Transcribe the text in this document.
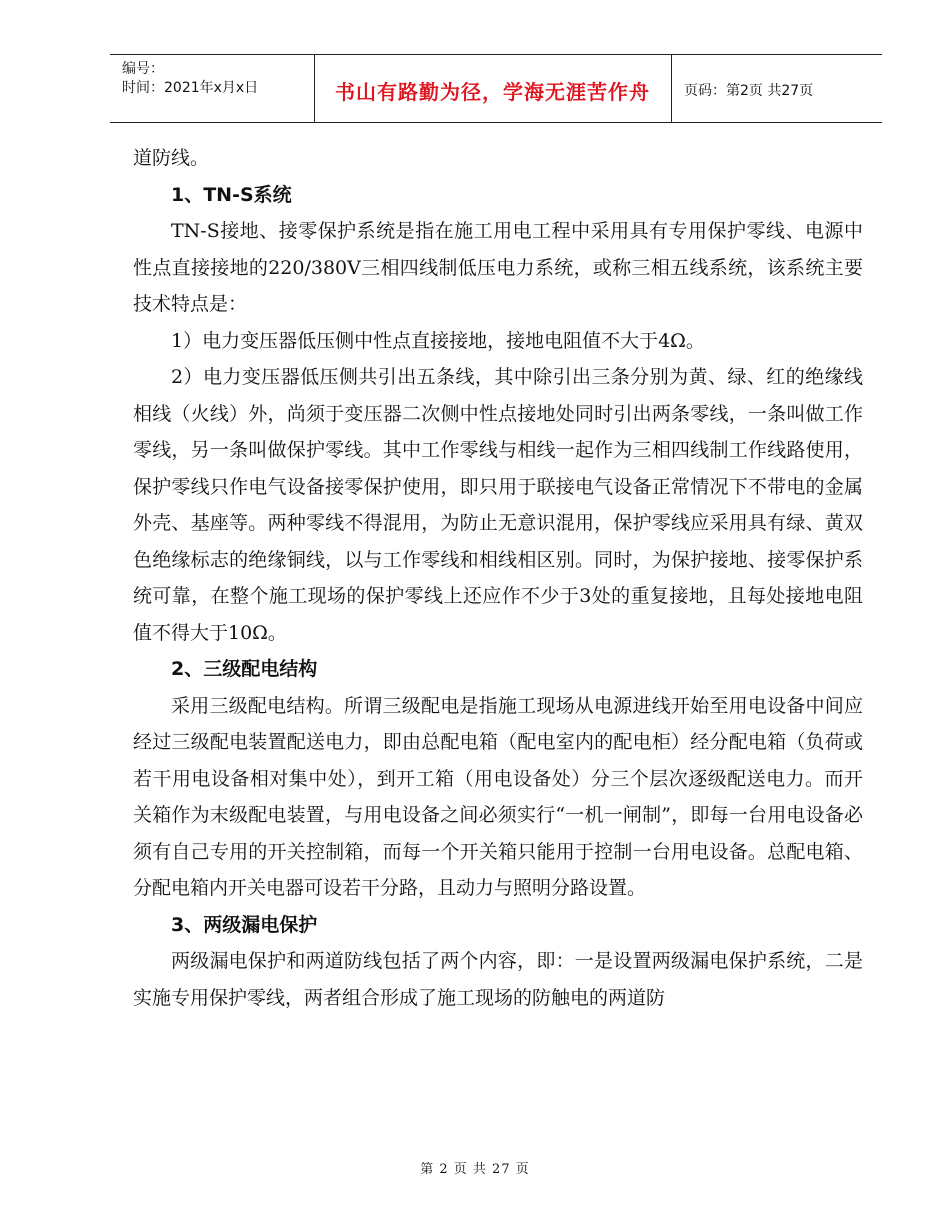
编号：
时间：2021年x月x日	书山有路勤为径，学海无涯苦作舟	页码：第2页 共27页

道防线。

1、TN-S系统

TN-S接地、接零保护系统是指在施工用电工程中采用具有专用保护零线、电源中性点直接接地的220/380V三相四线制低压电力系统，或称三相五线系统，该系统主要技术特点是：

1）电力变压器低压侧中性点直接接地，接地电阻值不大于4Ω。

2）电力变压器低压侧共引出五条线，其中除引出三条分别为黄、绿、红的绝缘线相线（火线）外，尚须于变压器二次侧中性点接地处同时引出两条零线，一条叫做工作零线，另一条叫做保护零线。其中工作零线与相线一起作为三相四线制工作线路使用，保护零线只作电气设备接零保护使用，即只用于联接电气设备正常情况下不带电的金属外壳、基座等。两种零线不得混用，为防止无意识混用，保护零线应采用具有绿、黄双色绝缘标志的绝缘铜线，以与工作零线和相线相区别。同时，为保护接地、接零保护系统可靠，在整个施工现场的保护零线上还应作不少于3处的重复接地，且每处接地电阻值不得大于10Ω。

2、三级配电结构

采用三级配电结构。所谓三级配电是指施工现场从电源进线开始至用电设备中间应经过三级配电装置配送电力，即由总配电箱（配电室内的配电柜）经分配电箱（负荷或若干用电设备相对集中处），到开工箱（用电设备处）分三个层次逐级配送电力。而开关箱作为末级配电装置，与用电设备之间必须实行“一机一闸制”，即每一台用电设备必须有自己专用的开关控制箱，而每一个开关箱只能用于控制一台用电设备。总配电箱、分配电箱内开关电器可设若干分路，且动力与照明分路设置。

3、两级漏电保护

两级漏电保护和两道防线包括了两个内容，即：一是设置两级漏电保护系统，二是实施专用保护零线，两者组合形成了施工现场的防触电的两道防

第 2 页 共 27 页
